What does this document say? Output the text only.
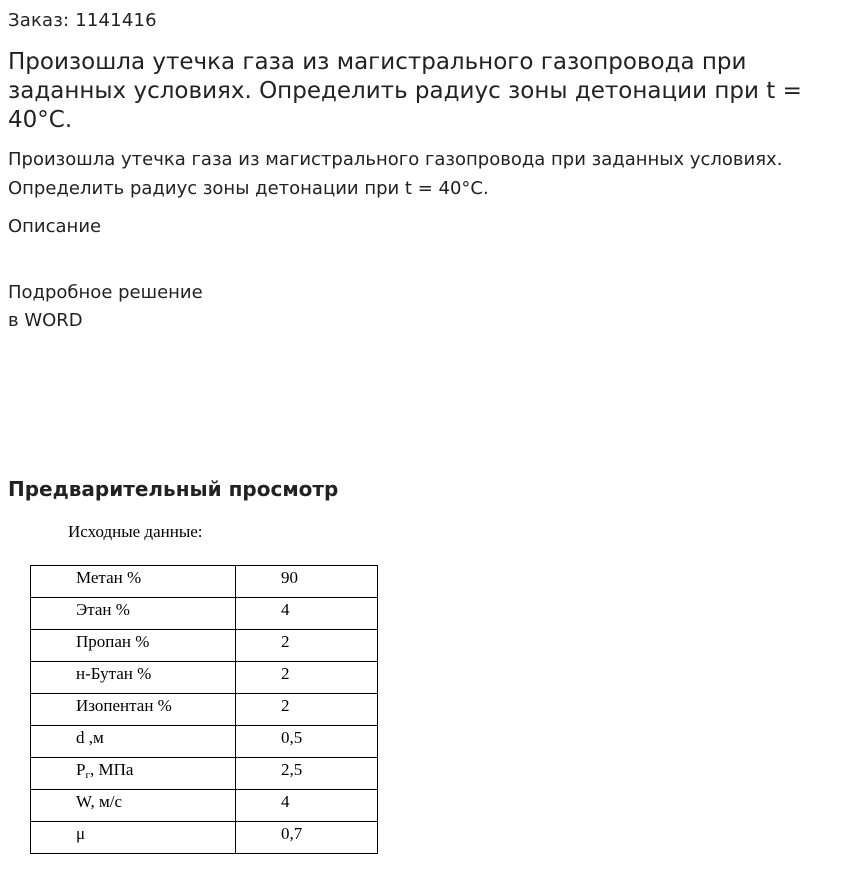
Заказ: 1141416
Произошла утечка газа из магистрального газопровода при заданных условиях. Определить радиус зоны детонации при t = 40°С.
Произошла утечка газа из магистрального газопровода при заданных условиях. Определить радиус зоны детонации при t = 40°С.
Описание
Подробное решение
в WORD
Предварительный просмотр
Исходные данные:
Метан %	90

Этан %	4

Пропан %	2

н-Бутан %	2

Изопентан %	2

d ,м	0,5

$Р_г$, МПа	2,5

W, м/с	4

μ	0,7
